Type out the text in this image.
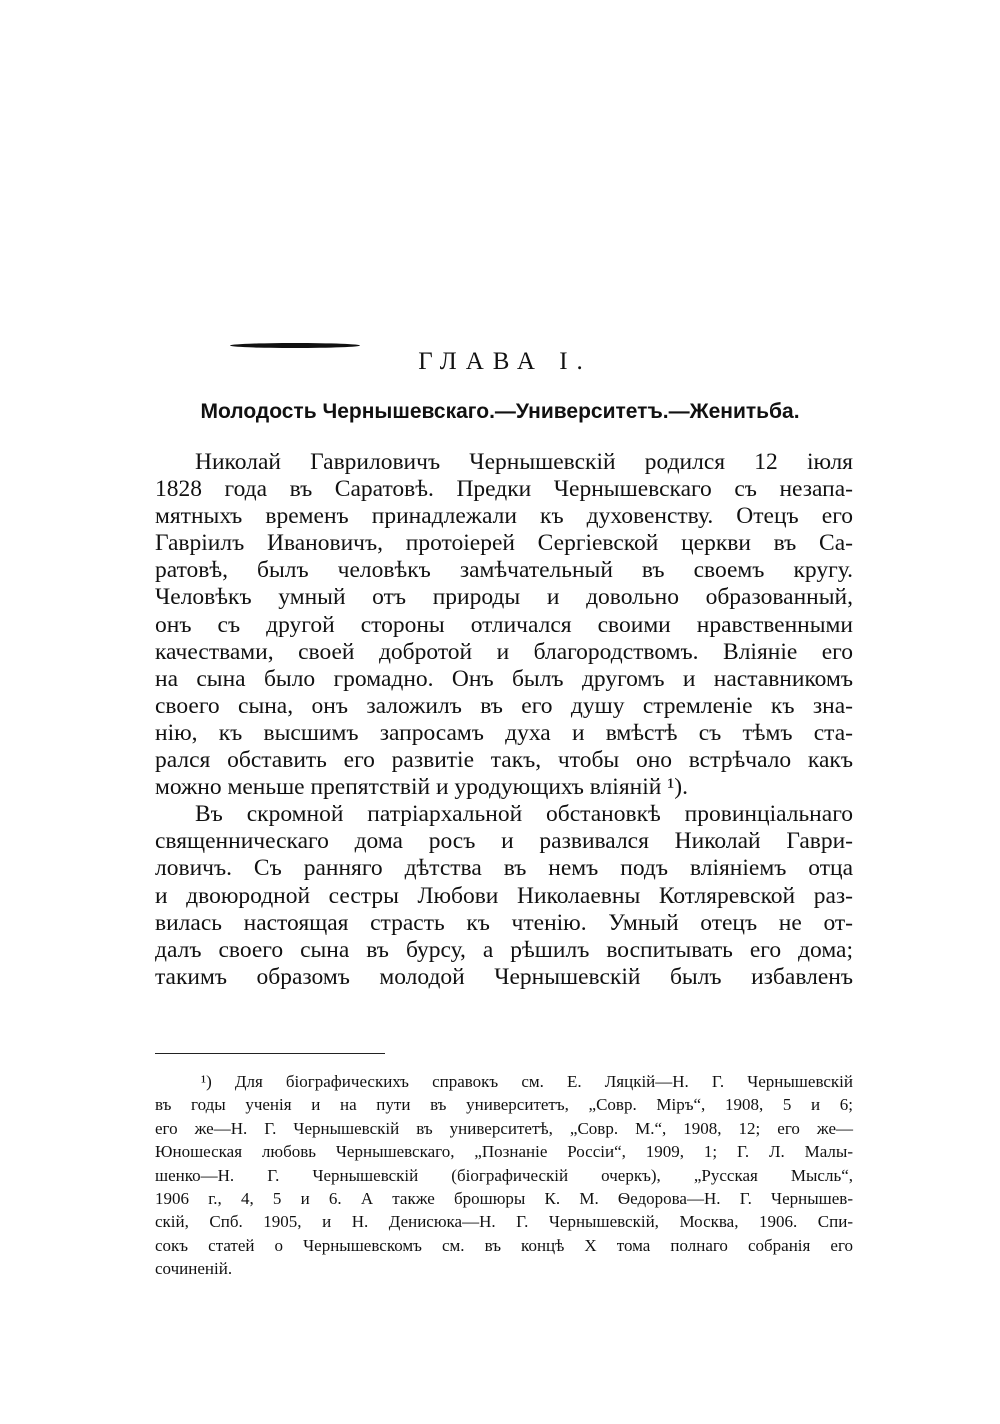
ГЛАВА I.
Молодость Чернышевскаго.—Университетъ.—Женитьба.
Николай Гавриловичъ Чернышевскій родился 12 іюля
1828 года въ Саратовѣ. Предки Чернышевскаго съ незапа-
мятныхъ временъ принадлежали къ духовенству. Отецъ его
Гавріилъ Ивановичъ, протоіерей Сергіевской церкви въ Са-
ратовѣ, былъ человѣкъ замѣчательный въ своемъ кругу.
Человѣкъ умный отъ природы и довольно образованный,
онъ съ другой стороны отличался своими нравственными
качествами, своей добротой и благородствомъ. Вліяніе его
на сына было громадно. Онъ былъ другомъ и наставникомъ
своего сына, онъ заложилъ въ его душу стремленіе къ зна-
нію, къ высшимъ запросамъ духа и вмѣстѣ съ тѣмъ ста-
рался обставить его развитіе такъ, чтобы оно встрѣчало какъ
можно меньше препятствій и уродующихъ вліяній ¹).
Въ скромной патріархальной обстановкѣ провинціальнаго
священническаго дома росъ и развивался Николай Гаври-
ловичъ. Съ ранняго дѣтства въ немъ подъ вліяніемъ отца
и двоюродной сестры Любови Николаевны Котляревской раз-
вилась настоящая страсть къ чтенію. Умный отецъ не от-
далъ своего сына въ бурсу, а рѣшилъ воспитывать его дома;
такимъ образомъ молодой Чернышевскій былъ избавленъ
¹) Для біографическихъ справокъ см. Е. Ляцкій—Н. Г. Чернышевскій
въ годы ученія и на пути въ университетъ, „Совр. Міръ“, 1908, 5 и 6;
его же—Н. Г. Чернышевскій въ университетѣ, „Совр. М.“, 1908, 12; его же—
Юношеская любовь Чернышевскаго, „Познаніе Россіи“, 1909, 1; Г. Л. Малы-
шенко—Н. Г. Чернышевскій (біографическій очеркъ), „Русская Мысль“,
1906 г., 4, 5 и 6. А также брошюры К. М. Ѳедорова—Н. Г. Чернышев-
скій, Спб. 1905, и Н. Денисюка—Н. Г. Чернышевскій, Москва, 1906. Спи-
сокъ статей о Чернышевскомъ см. въ концѣ X тома полнаго собранія его
сочиненій.
